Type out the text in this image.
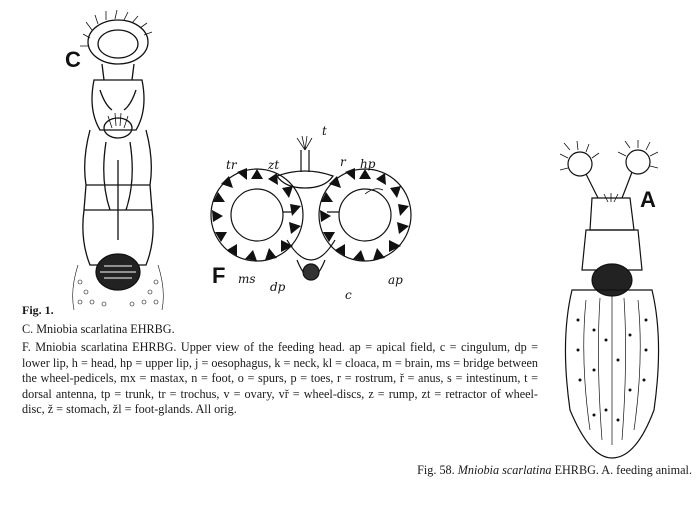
C
F
t
tr	zt	r hp
ms
dp
c
ap
A
Fig. 1.

C. Mniobia scarlatina EHRBG.

F. Mniobia scarlatina EHRBG. Upper view of the feeding head. ap = apical field, c = cingulum, dp = lower lip, h = head, hp = upper lip, j = oesophagus, k = neck, kl = cloaca, m = brain, ms = bridge between the wheel-pedicels, mx = mastax, n = foot, o = spurs, p = toes, r = rostrum, ř = anus, s = intestinum, t = dorsal antenna, tp = trunk, tr = trochus, v = ovary, vř = wheel-discs, z = rump, zt = retractor of wheel-disc, ž = stomach, žl = foot-glands. All orig.

Fig. 58. Mniobia scarlatina EHRBG. A. feeding animal.
